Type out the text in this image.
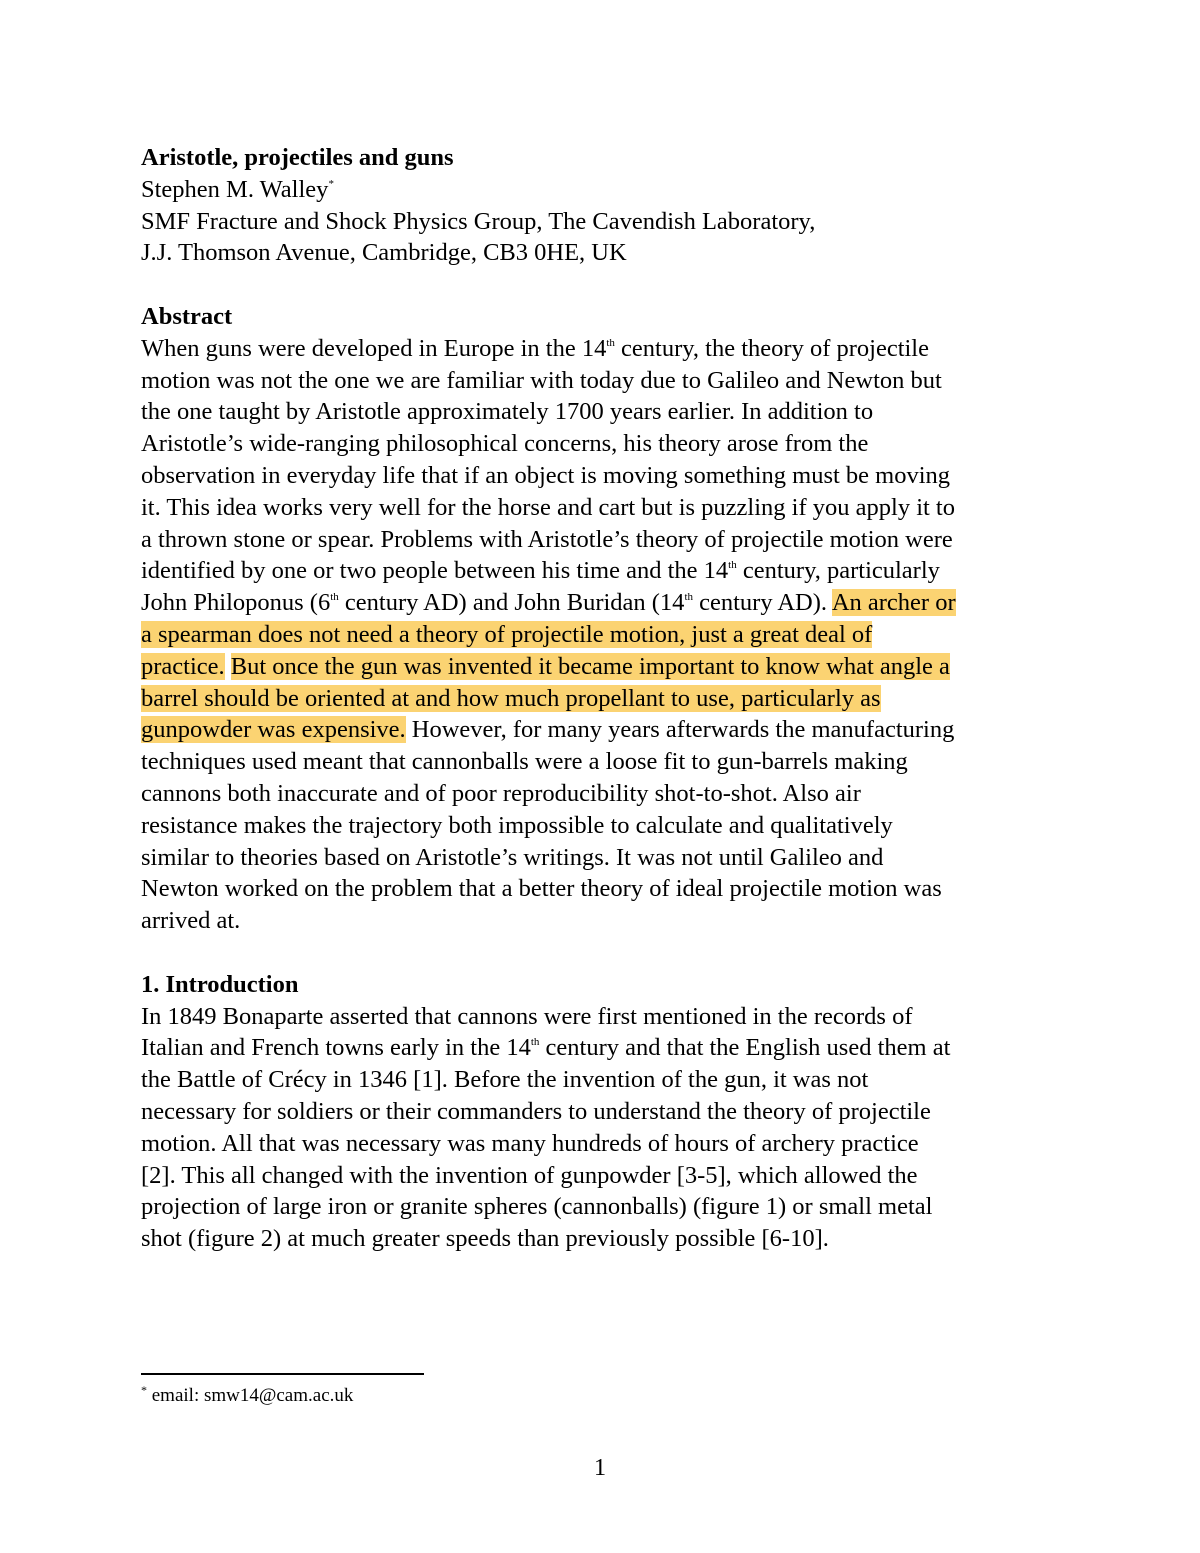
Aristotle, projectiles and guns
Stephen M. Walley*
SMF Fracture and Shock Physics Group, The Cavendish Laboratory,
J.J. Thomson Avenue, Cambridge, CB3 0HE, UK
Abstract
When guns were developed in Europe in the 14th century, the theory of projectile
motion was not the one we are familiar with today due to Galileo and Newton but
the one taught by Aristotle approximately 1700 years earlier. In addition to
Aristotle’s wide-ranging philosophical concerns, his theory arose from the
observation in everyday life that if an object is moving something must be moving
it. This idea works very well for the horse and cart but is puzzling if you apply it to
a thrown stone or spear. Problems with Aristotle’s theory of projectile motion were
identified by one or two people between his time and the 14th century, particularly
John Philoponus (6th century AD) and John Buridan (14th century AD). An archer or
a spearman does not need a theory of projectile motion, just a great deal of
practice. But once the gun was invented it became important to know what angle a
barrel should be oriented at and how much propellant to use, particularly as
gunpowder was expensive. However, for many years afterwards the manufacturing
techniques used meant that cannonballs were a loose fit to gun-barrels making
cannons both inaccurate and of poor reproducibility shot-to-shot. Also air
resistance makes the trajectory both impossible to calculate and qualitatively
similar to theories based on Aristotle’s writings. It was not until Galileo and
Newton worked on the problem that a better theory of ideal projectile motion was
arrived at.
1. Introduction
In 1849 Bonaparte asserted that cannons were first mentioned in the records of
Italian and French towns early in the 14th century and that the English used them at
the Battle of Crécy in 1346 [1]. Before the invention of the gun, it was not
necessary for soldiers or their commanders to understand the theory of projectile
motion. All that was necessary was many hundreds of hours of archery practice
[2]. This all changed with the invention of gunpowder [3-5], which allowed the
projection of large iron or granite spheres (cannonballs) (figure 1) or small metal
shot (figure 2) at much greater speeds than previously possible [6-10].
* email: smw14@cam.ac.uk
1
